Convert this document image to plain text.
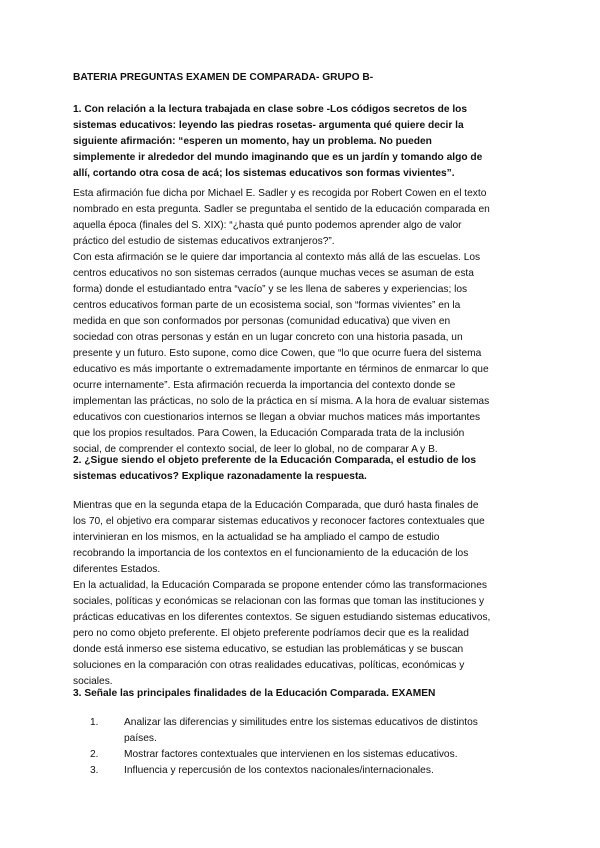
BATERIA PREGUNTAS EXAMEN DE COMPARADA- GRUPO B-
1. Con relación a la lectura trabajada en clase sobre -Los códigos secretos de los
sistemas educativos: leyendo las piedras rosetas- argumenta qué quiere decir la
siguiente afirmación: “esperen un momento, hay un problema. No pueden
simplemente ir alrededor del mundo imaginando que es un jardín y tomando algo de
allí, cortando otra cosa de acá; los sistemas educativos son formas vivientes”.
Esta afirmación fue dicha por Michael E. Sadler y es recogida por Robert Cowen en el texto
nombrado en esta pregunta. Sadler se preguntaba el sentido de la educación comparada en
aquella época (finales del S. XIX): “¿hasta qué punto podemos aprender algo de valor
práctico del estudio de sistemas educativos extranjeros?”.
Con esta afirmación se le quiere dar importancia al contexto más allá de las escuelas. Los
centros educativos no son sistemas cerrados (aunque muchas veces se asuman de esta
forma) donde el estudiantado entra “vacío” y se les llena de saberes y experiencias; los
centros educativos forman parte de un ecosistema social, son “formas vivientes” en la
medida en que son conformados por personas (comunidad educativa) que viven en
sociedad con otras personas y están en un lugar concreto con una historia pasada, un
presente y un futuro. Esto supone, como dice Cowen, que “lo que ocurre fuera del sistema
educativo es más importante o extremadamente importante en términos de enmarcar lo que
ocurre internamente”. Esta afirmación recuerda la importancia del contexto donde se
implementan las prácticas, no solo de la práctica en sí misma. A la hora de evaluar sistemas
educativos con cuestionarios internos se llegan a obviar muchos matices más importantes
que los propios resultados. Para Cowen, la Educación Comparada trata de la inclusión
social, de comprender el contexto social, de leer lo global, no de comparar A y B.
2. ¿Sigue siendo el objeto preferente de la Educación Comparada, el estudio de los
sistemas educativos? Explique razonadamente la respuesta.
Mientras que en la segunda etapa de la Educación Comparada, que duró hasta finales de
los 70, el objetivo era comparar sistemas educativos y reconocer factores contextuales que
intervinieran en los mismos, en la actualidad se ha ampliado el campo de estudio
recobrando la importancia de los contextos en el funcionamiento de la educación de los
diferentes Estados.
En la actualidad, la Educación Comparada se propone entender cómo las transformaciones
sociales, políticas y económicas se relacionan con las formas que toman las instituciones y
prácticas educativas en los diferentes contextos. Se siguen estudiando sistemas educativos,
pero no como objeto preferente. El objeto preferente podríamos decir que es la realidad
donde está inmerso ese sistema educativo, se estudian las problemáticas y se buscan
soluciones en la comparación con otras realidades educativas, políticas, económicas y
sociales.
3. Señale las principales finalidades de la Educación Comparada. EXAMEN
1.	Analizar las diferencias y similitudes entre los sistemas educativos de distintos
países.
2.	Mostrar factores contextuales que intervienen en los sistemas educativos.
3.	Influencia y repercusión de los contextos nacionales/internacionales.
